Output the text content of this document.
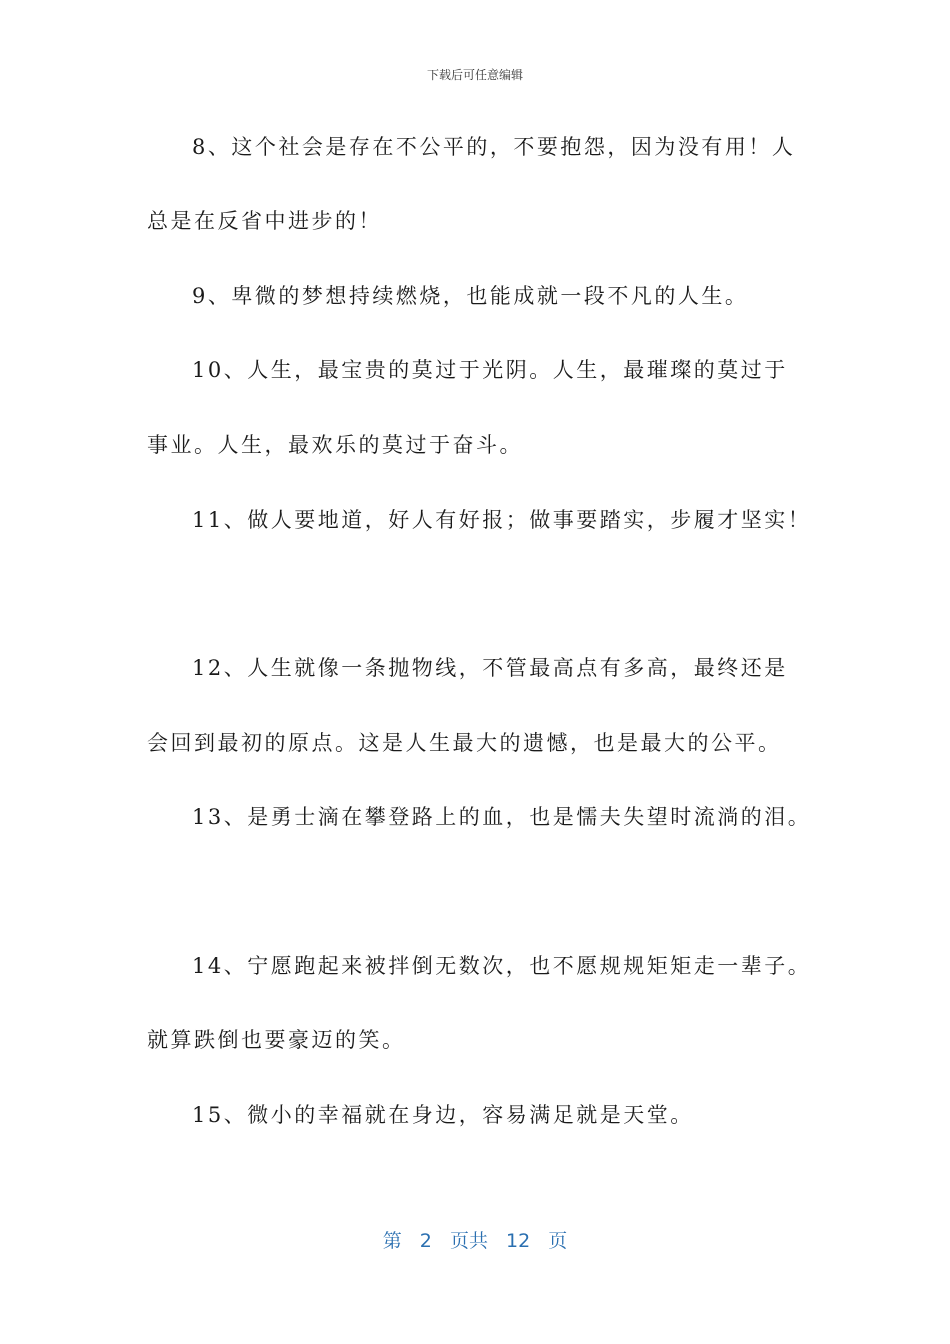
下载后可任意编辑
8、这个社会是存在不公平的，不要抱怨，因为没有用！人
总是在反省中进步的！
9、卑微的梦想持续燃烧，也能成就一段不凡的人生。
10、人生，最宝贵的莫过于光阴。人生，最璀璨的莫过于
事业。人生，最欢乐的莫过于奋斗。
11、做人要地道，好人有好报；做事要踏实，步履才坚实！
12、人生就像一条抛物线，不管最高点有多高，最终还是
会回到最初的原点。这是人生最大的遗憾，也是最大的公平。
13、是勇士滴在攀登路上的血，也是懦夫失望时流淌的泪。
14、宁愿跑起来被拌倒无数次，也不愿规规矩矩走一辈子。
就算跌倒也要豪迈的笑。
15、微小的幸福就在身边，容易满足就是天堂。
第 2 页共 12 页
